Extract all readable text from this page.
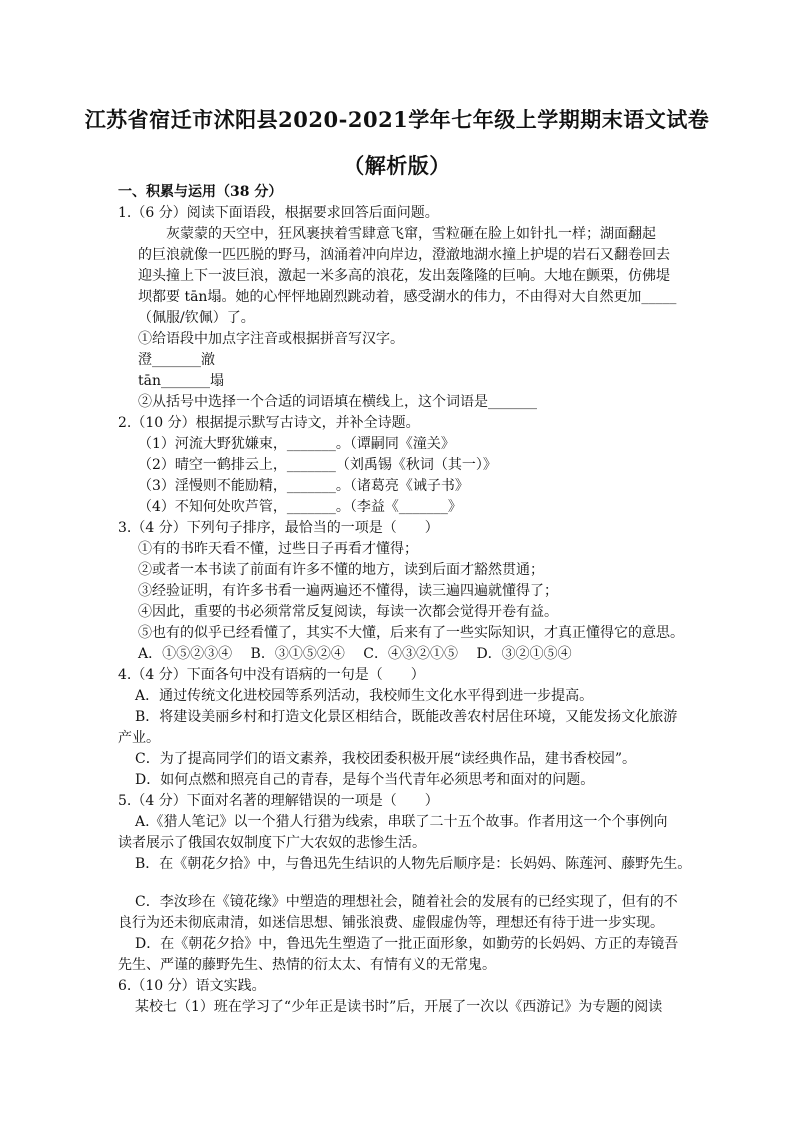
江苏省宿迁市沭阳县2020-2021学年七年级上学期期末语文试卷
（解析版）
一、积累与运用（38 分）
1.（6 分）阅读下面语段，根据要求回答后面问题。
灰蒙蒙的天空中，狂风裹挟着雪肆意飞窜，雪粒砸在脸上如针扎一样；湖面翻起
的巨浪就像一匹匹脱的野马，汹涌着冲向岸边，澄澈地湖水撞上护堤的岩石又翻卷回去
迎头撞上下一波巨浪，激起一米多高的浪花，发出轰隆隆的巨响。大地在颤栗，仿佛堤
坝都要 tān塌。她的心怦怦地剧烈跳动着，感受湖水的伟力，不由得对大自然更加_____
（佩服/钦佩）了。
①给语段中加点字注音或根据拼音写汉字。
澄_______澈
tān_______塌
②从括号中选择一个合适的词语填在横线上，这个词语是_______
2.（10 分）根据提示默写古诗文，并补全诗题。
（1）河流大野犹嫌束，_______。（谭嗣同《潼关》
（2）晴空一鹤排云上，_______（刘禹锡《秋词（其一）》
（3）淫慢则不能励精，_______。（诸葛亮《诫子书》
（4）不知何处吹芦管，_______。（李益《_______》
3.（4 分）下列句子排序，最恰当的一项是（　　）
①有的书昨天看不懂，过些日子再看才懂得；
②或者一本书读了前面有许多不懂的地方，读到后面才豁然贯通；
③经验证明，有许多书看一遍两遍还不懂得，读三遍四遍就懂得了；
④因此，重要的书必须常常反复阅读，每读一次都会觉得开卷有益。
⑤也有的似乎已经看懂了，其实不大懂，后来有了一些实际知识，才真正懂得它的意思。
A．①⑤②③④　 B．③①⑤②④　 C．④③②①⑤　 D．③②①⑤④
4.（4 分）下面各句中没有语病的一句是（　　）
A．通过传统文化进校园等系列活动，我校师生文化水平得到进一步提高。
B．将建设美丽乡村和打造文化景区相结合，既能改善农村居住环境，又能发扬文化旅游
产业。
C．为了提高同学们的语文素养，我校团委积极开展“读经典作品，建书香校园”。
D．如何点燃和照亮自己的青春，是每个当代青年必须思考和面对的问题。
5.（4 分）下面对名著的理解错误的一项是（　　）
A.《猎人笔记》以一个猎人行猎为线索，串联了二十五个故事。作者用这一个个事例向
读者展示了俄国农奴制度下广大农奴的悲惨生活。
B．在《朝花夕拾》中，与鲁迅先生结识的人物先后顺序是：长妈妈、陈莲河、藤野先生。
C．李汝珍在《镜花缘》中塑造的理想社会，随着社会的发展有的已经实现了，但有的不
良行为还未彻底肃清，如迷信思想、铺张浪费、虚假虚伪等，理想还有待于进一步实现。
D．在《朝花夕拾》中，鲁迅先生塑造了一批正面形象，如勤劳的长妈妈、方正的寿镜吾
先生、严谨的藤野先生、热情的衍太太、有情有义的无常鬼。
6.（10 分）语文实践。
某校七（1）班在学习了“少年正是读书时”后，开展了一次以《西游记》为专题的阅读
